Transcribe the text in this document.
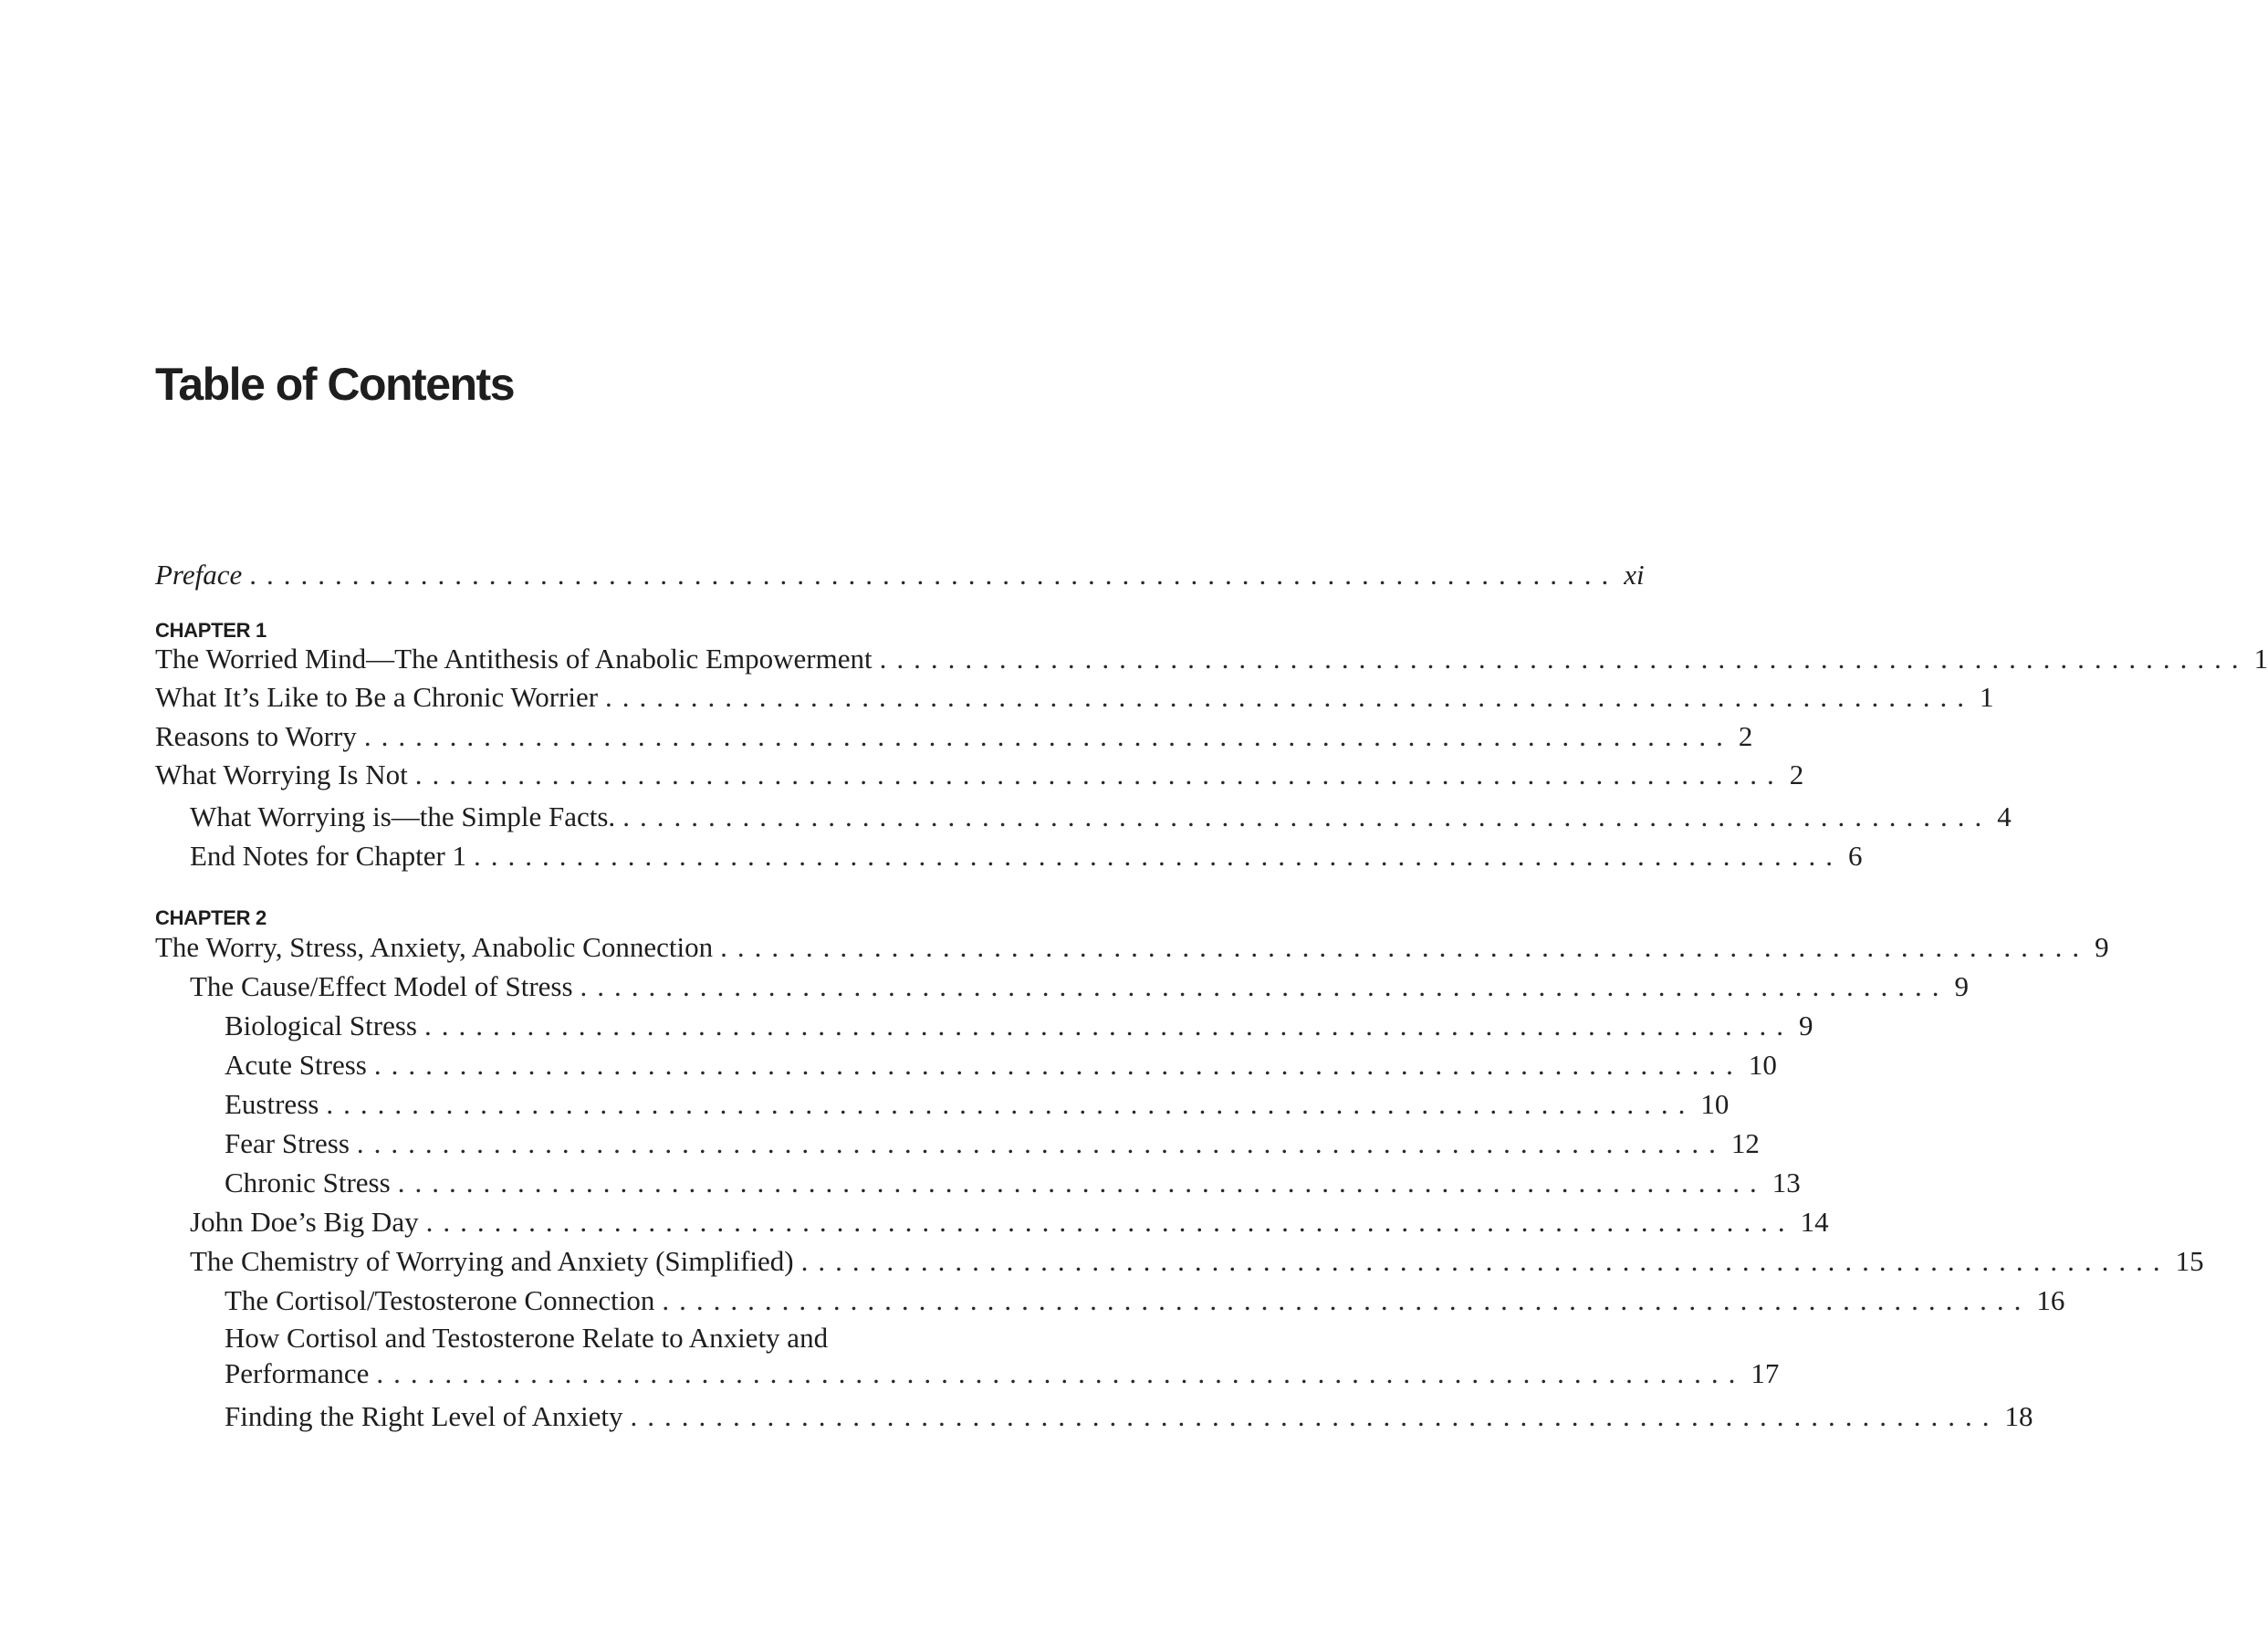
Table of Contents
Preface ................................................................................ xi
CHAPTER 1
The Worried Mind—The Antithesis of Anabolic Empowerment ................................................................................ 1
What It’s Like to Be a Chronic Worrier ................................................................................ 1
Reasons to Worry ................................................................................ 2
What Worrying Is Not ................................................................................ 2
What Worrying is—the Simple Facts. ................................................................................ 4
End Notes for Chapter 1 ................................................................................ 6
CHAPTER 2
The Worry, Stress, Anxiety, Anabolic Connection ................................................................................ 9
The Cause/Effect Model of Stress ................................................................................ 9
Biological Stress ................................................................................ 9
Acute Stress ................................................................................ 10
Eustress ................................................................................ 10
Fear Stress ................................................................................ 12
Chronic Stress ................................................................................ 13
John Doe’s Big Day ................................................................................ 14
The Chemistry of Worrying and Anxiety (Simplified) ................................................................................ 15
The Cortisol/Testosterone Connection ................................................................................ 16
How Cortisol and Testosterone Relate to Anxiety and
Performance ................................................................................ 17
Finding the Right Level of Anxiety ................................................................................ 18
